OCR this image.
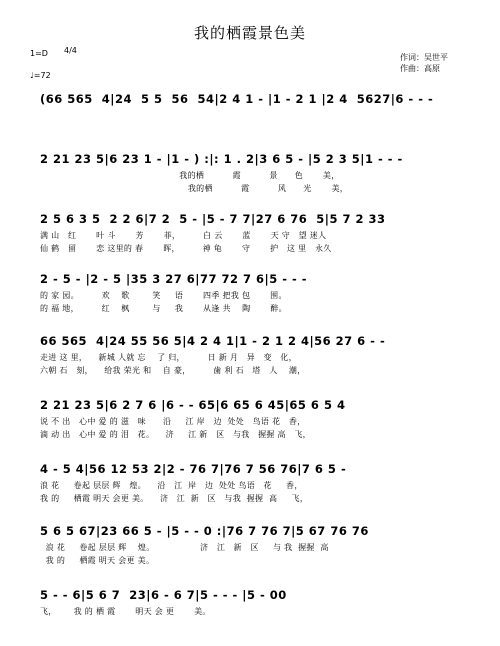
我的栖霞景色美
1=D	4/4
♩=72
作词：吴世平
作曲：高原
(66 565  4|24  5 5  56  54|2 4 1 - |1 - 2 1 |2 4  5627|6 - - -
2 21 23 5|6 23 1 - |1 - ) :|: 1 . 2|3 6 5 - |5 2 3 5|1 - - -
我的栖          霞          景      色       美，
我的栖          霞          风      光       美，
2 5 6 3 5  2 2 6|7 2  5 - |5 - 7 7|27 6 76  5|5 7 2 33
满 山   红       叶 斗       芳       菲，        白 云       蓝       天 守   望 迷人
仙 鹤   留       恋 这里的 春       晖，        神 龟       守       护   这 里   永久
2 - 5 - |2 - 5 |35 3 27 6|77 72 7 6|5 - - -
的 家 园。        欢    歌        笑     语       四季 把我 包       围。
的 福 地，        红    枫        与     我       从逢 共    陶       醉。
66 565  4|24 55 56 5|4 2 4 1|1 - 2 1 2 4|56 27 6 - -
走进 这 里，    新城 人就 忘    了 归，        日 新 月   异   变   化，
六朝 石   刻，    给我 荣光 和    自 豪，        歯 利 石   塔   人    潮，
2 21 23 5|6 2 7 6 |6 - - 65|6 65 6 45|65 6 5 4
说 不 出   心中 爱 的 滋   味      沿     江 岸   边  处处   鸟语 花   香，
滴 动 出   心中 爱 的 泪   花。    济     江 新   区   与我   握握 高   飞，
4 - 5 4|56 12 53 2|2 - 76 7|76 7 56 76|7 6 5 -
浪 花     卷起 层层 辉   煌。    沿   江  岸   边  处处 鸟语   花     香，
我 的     栖霞 明天 会更 美。    济   江  新   区   与我  握握  高     飞，
5 6 5 67|23 66 5 - |5 - - 0 :|76 7 76 7|5 67 76 76
浪 花     卷起 层层 辉    煌。                济   江   新   区     与 我  握握  高
我 的     栖霞 明天 会更 美。
5 - - 6|5 6 7  23|6 - 6 7|5 - - - |5 - 00
飞，      我 的 栖 霞       明天 会 更       美。
